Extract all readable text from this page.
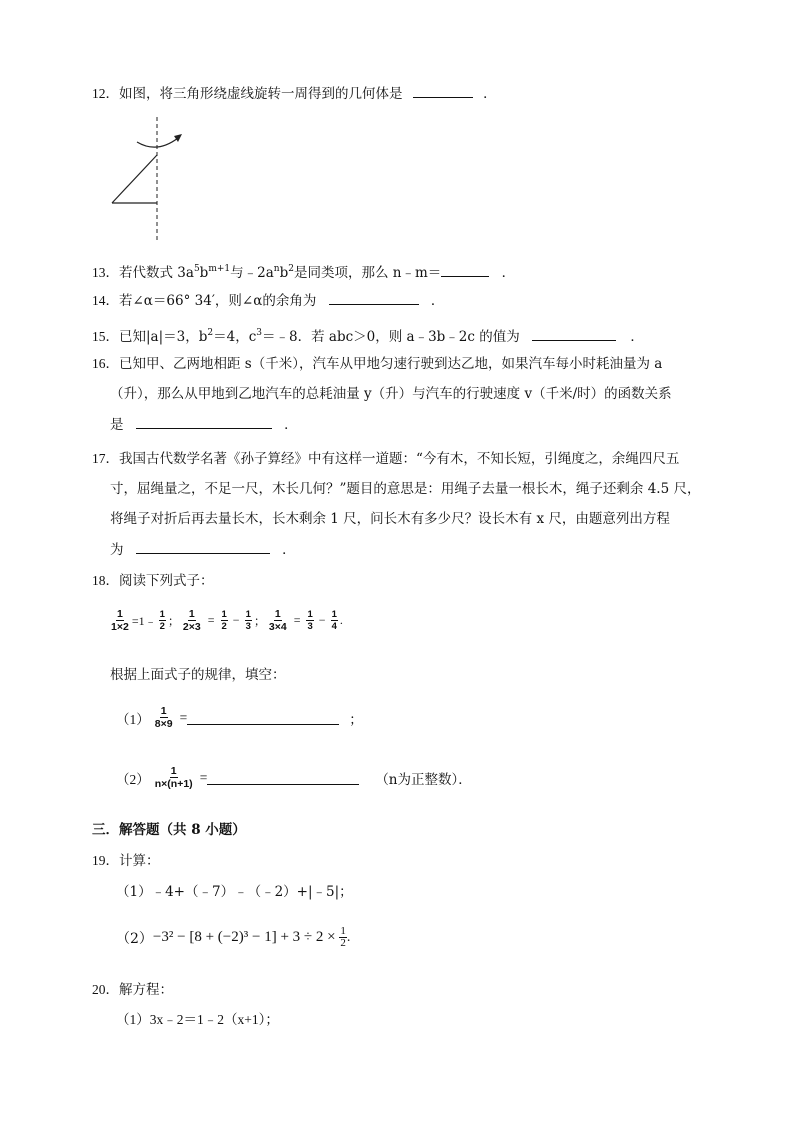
12．如图，将三角形绕虚线旋转一周得到的几何体是	．
13．若代数式 $3a^5b^{m+1}$与$﹣2a^nb^2$是同类项，那么 n﹣m＝	．
14．若∠α＝66° 34′，则∠α的余角为	．
15．已知|a|＝3，$b^2=4$，$c^3=﹣8$．若 abc＞0，则 a﹣3b﹣2c 的值为	．
16．已知甲、乙两地相距 s（千米），汽车从甲地匀速行驶到达乙地，如果汽车每小时耗油量为 a
（升），那么从甲地到乙地汽车的总耗油量 y（升）与汽车的行驶速度 v（千米/时）的函数关系
是	．
17．我国古代数学名著《孙子算经》中有这样一道题：“今有木，不知长短，引绳度之，余绳四尺五
寸，屈绳量之，不足一尺，木长几何？”题目的意思是：用绳子去量一根长木，绳子还剩余 4.5 尺，
将绳子对折后再去量长木，长木剩余 1 尺，问长木有多少尺？设长木有 x 尺，由题意列出方程
为	．
18．阅读下列式子：
$\frac{1}{1\times 2}$ =1﹣ $\frac{1}{2}$ ； $\frac{1}{2\times 3} = \frac{1}{2} - \frac{1}{3}$ ； $\frac{1}{3\times 4} = \frac{1}{3} - \frac{1}{4}$ .
根据上面式子的规律，填空：
$(1) \frac{1}{8\times 9}$ =	；
$(2) \frac{1}{n\times(n+1)}$ =	（n为正整数）．
三．解答题（共 8 小题）
19．计算：
（1）﹣4+（﹣7）﹣（﹣2）+|﹣5|；
$(2) -3^2 - [8 + (-2)^3 - 1] + 3 \div 2 \times \frac{1}{2}$ .
20．解方程：
（1）3x﹣2＝1﹣2（x+1）；
